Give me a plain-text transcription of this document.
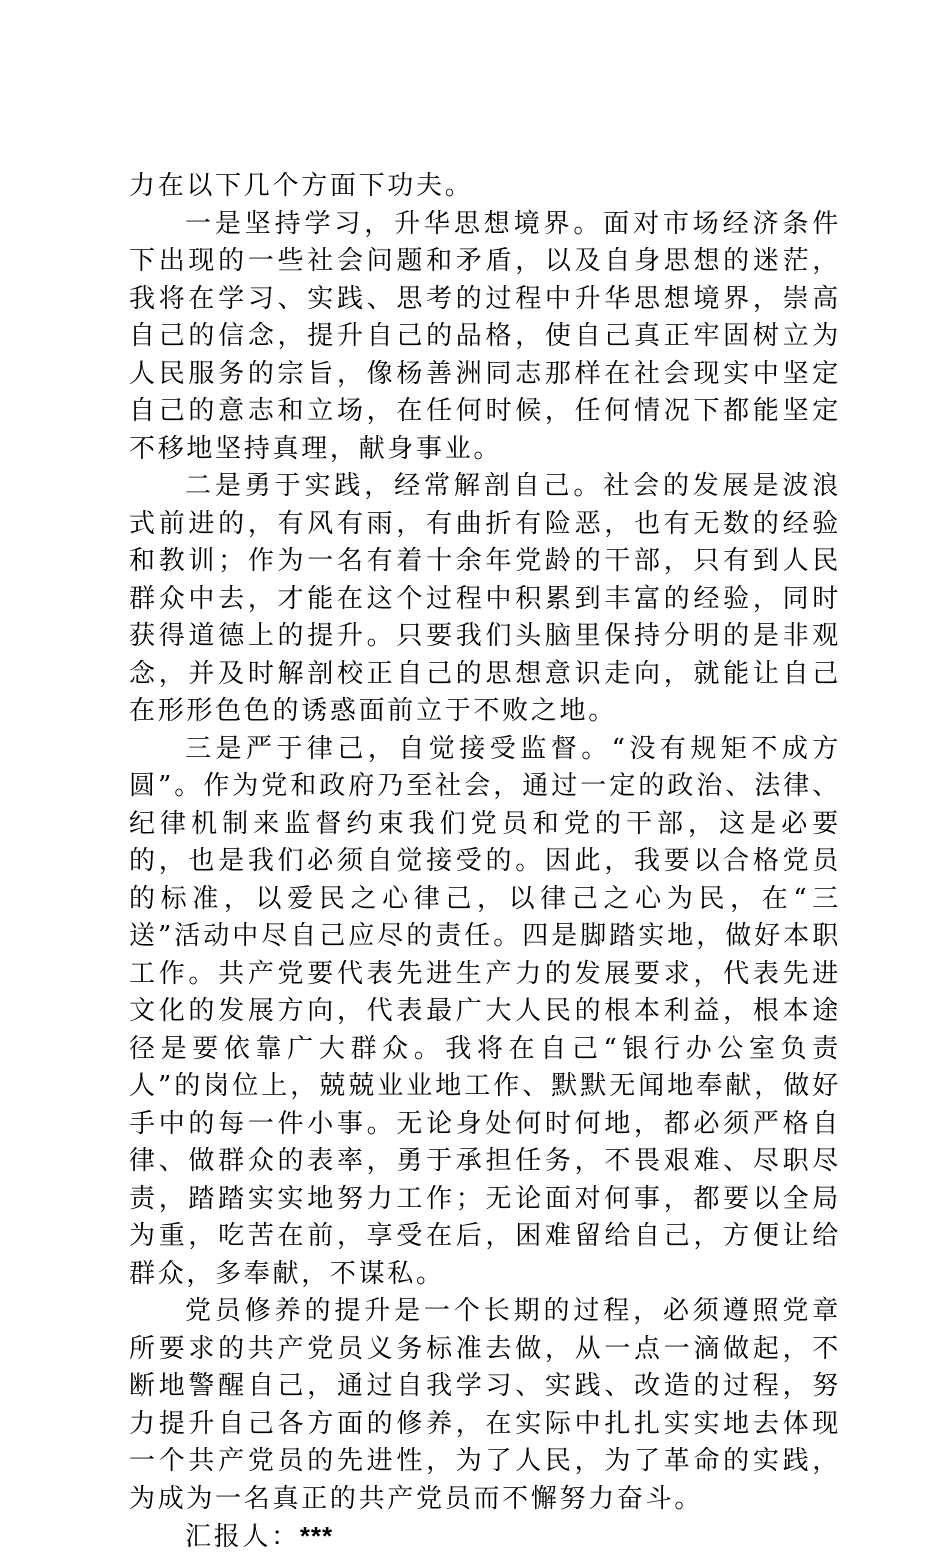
力在以下几个方面下功夫。

一是坚持学习，升华思想境界。面对市场经济条件下出现的一些社会问题和矛盾，以及自身思想的迷茫，我将在学习、实践、思考的过程中升华思想境界，崇高自己的信念，提升自己的品格，使自己真正牢固树立为人民服务的宗旨，像杨善洲同志那样在社会现实中坚定自己的意志和立场，在任何时候，任何情况下都能坚定不移地坚持真理，献身事业。

二是勇于实践，经常解剖自己。社会的发展是波浪式前进的，有风有雨，有曲折有险恶，也有无数的经验和教训；作为一名有着十余年党龄的干部，只有到人民群众中去，才能在这个过程中积累到丰富的经验，同时获得道德上的提升。只要我们头脑里保持分明的是非观念，并及时解剖校正自己的思想意识走向，就能让自己在形形色色的诱惑面前立于不败之地。

三是严于律己，自觉接受监督。“没有规矩不成方圆”。作为党和政府乃至社会，通过一定的政治、法律、纪律机制来监督约束我们党员和党的干部，这是必要的，也是我们必须自觉接受的。因此，我要以合格党员的标准，以爱民之心律己，以律己之心为民，在“三送”活动中尽自己应尽的责任。四是脚踏实地，做好本职工作。共产党要代表先进生产力的发展要求，代表先进文化的发展方向，代表最广大人民的根本利益，根本途径是要依靠广大群众。我将在自己“银行办公室负责人”的岗位上，兢兢业业地工作、默默无闻地奉献，做好手中的每一件小事。无论身处何时何地，都必须严格自律、做群众的表率，勇于承担任务，不畏艰难、尽职尽责，踏踏实实地努力工作；无论面对何事，都要以全局为重，吃苦在前，享受在后，困难留给自己，方便让给群众，多奉献，不谋私。

党员修养的提升是一个长期的过程，必须遵照党章所要求的共产党员义务标准去做，从一点一滴做起，不断地警醒自己，通过自我学习、实践、改造的过程，努力提升自己各方面的修养，在实际中扎扎实实地去体现一个共产党员的先进性，为了人民，为了革命的实践，为成为一名真正的共产党员而不懈努力奋斗。

汇报人：***
